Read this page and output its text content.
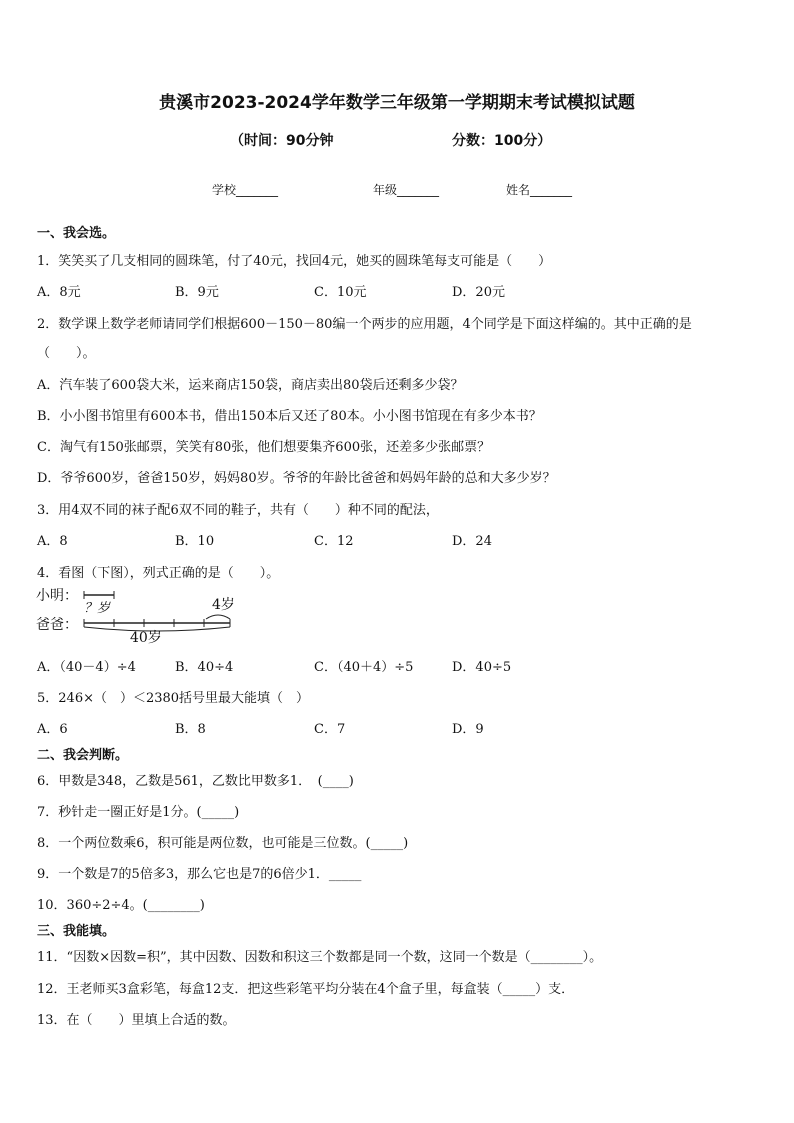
贵溪市2023-2024学年数学三年级第一学期期末考试模拟试题
（时间：90分钟	分数：100分）
学校_______	年级_______	姓名_______
一、我会选。
1．笑笑买了几支相同的圆珠笔，付了40元，找回4元，她买的圆珠笔每支可能是（　　）
A．8元	B．9元	C．10元	D．20元
2．数学课上数学老师请同学们根据600－150－80编一个两步的应用题，4个同学是下面这样编的。其中正确的是
（　　）。
A．汽车装了600袋大米，运来商店150袋，商店卖出80袋后还剩多少袋？
B．小小图书馆里有600本书，借出150本后又还了80本。小小图书馆现在有多少本书？
C．淘气有150张邮票，笑笑有80张，他们想要集齐600张，还差多少张邮票？
D．爷爷600岁，爸爸150岁，妈妈80岁。爷爷的年龄比爸爸和妈妈年龄的总和大多少岁？
3．用4双不同的袜子配6双不同的鞋子，共有（　　）种不同的配法，
A．8	B．10	C．12	D．24
4．看图（下图），列式正确的是（　　）。
小明：
爸爸：
？岁	4岁
40岁
A．（40－4）÷4	B．40÷4	C．（40＋4）÷5	D．40÷5
5．246×（　）＜2380括号里最大能填（　）
A．6	B．8	C．7	D．9
二、我会判断。
6．甲数是348，乙数是561，乙数比甲数多1．　(____)
7．秒针走一圈正好是1分。(_____)
8．一个两位数乘6，积可能是两位数，也可能是三位数。(_____)
9．一个数是7的5倍多3，那么它也是7的6倍少1．_____
10．360÷2÷4。(________)
三、我能填。
11．“因数×因数=积”，其中因数、因数和积这三个数都是同一个数，这同一个数是（________）。
12．王老师买3盒彩笔，每盒12支．把这些彩笔平均分装在4个盒子里，每盒装（_____）支．
13．在（　　）里填上合适的数。
